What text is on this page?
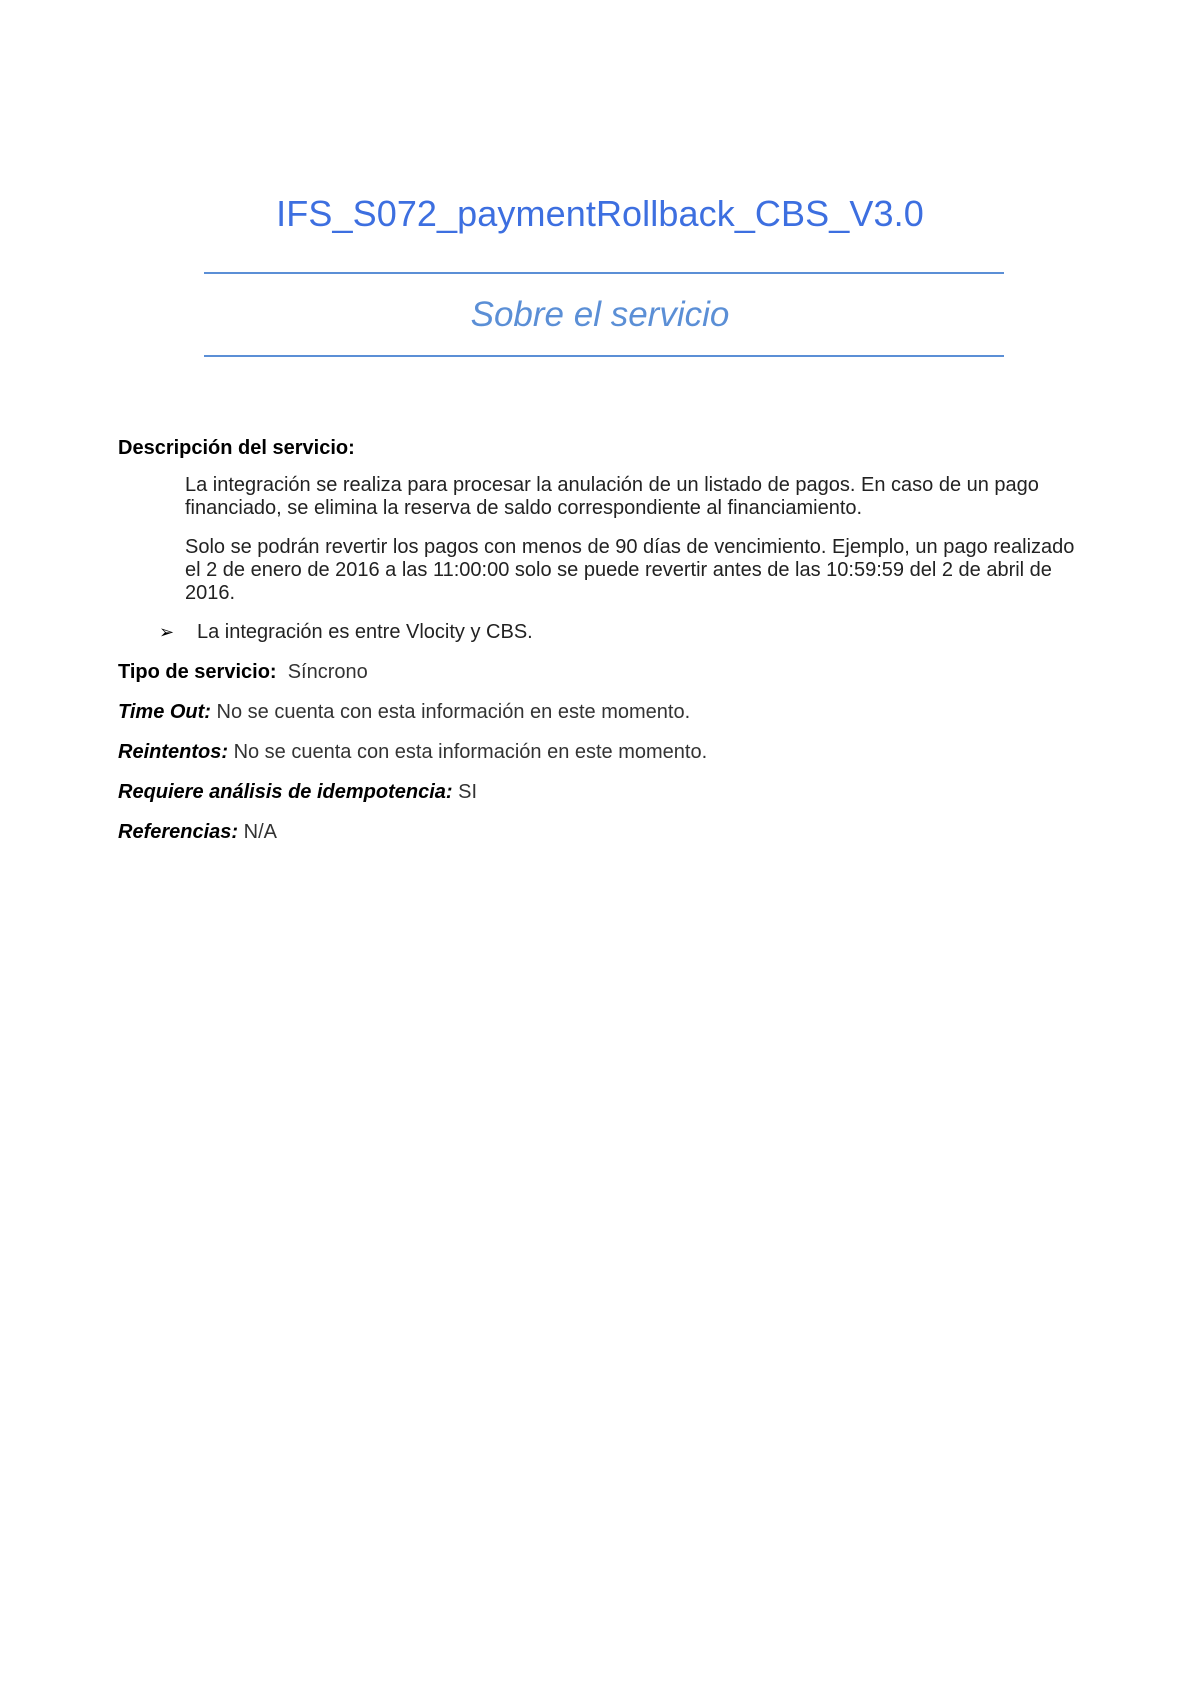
IFS_S072_paymentRollback_CBS_V3.0
Sobre el servicio

Descripción del servicio:

La integración se realiza para procesar la anulación de un listado de pagos. En caso de un pago financiado, se elimina la reserva de saldo correspondiente al financiamiento.

Solo se podrán revertir los pagos con menos de 90 días de vencimiento. Ejemplo, un pago realizado el 2 de enero de 2016 a las 11:00:00 solo se puede revertir antes de las 10:59:59 del 2 de abril de 2016.

➢	La integración es entre Vlocity y CBS.

Tipo de servicio: Síncrono

Time Out: No se cuenta con esta información en este momento.

Reintentos: No se cuenta con esta información en este momento.

Requiere análisis de idempotencia: SI

Referencias: N/A
